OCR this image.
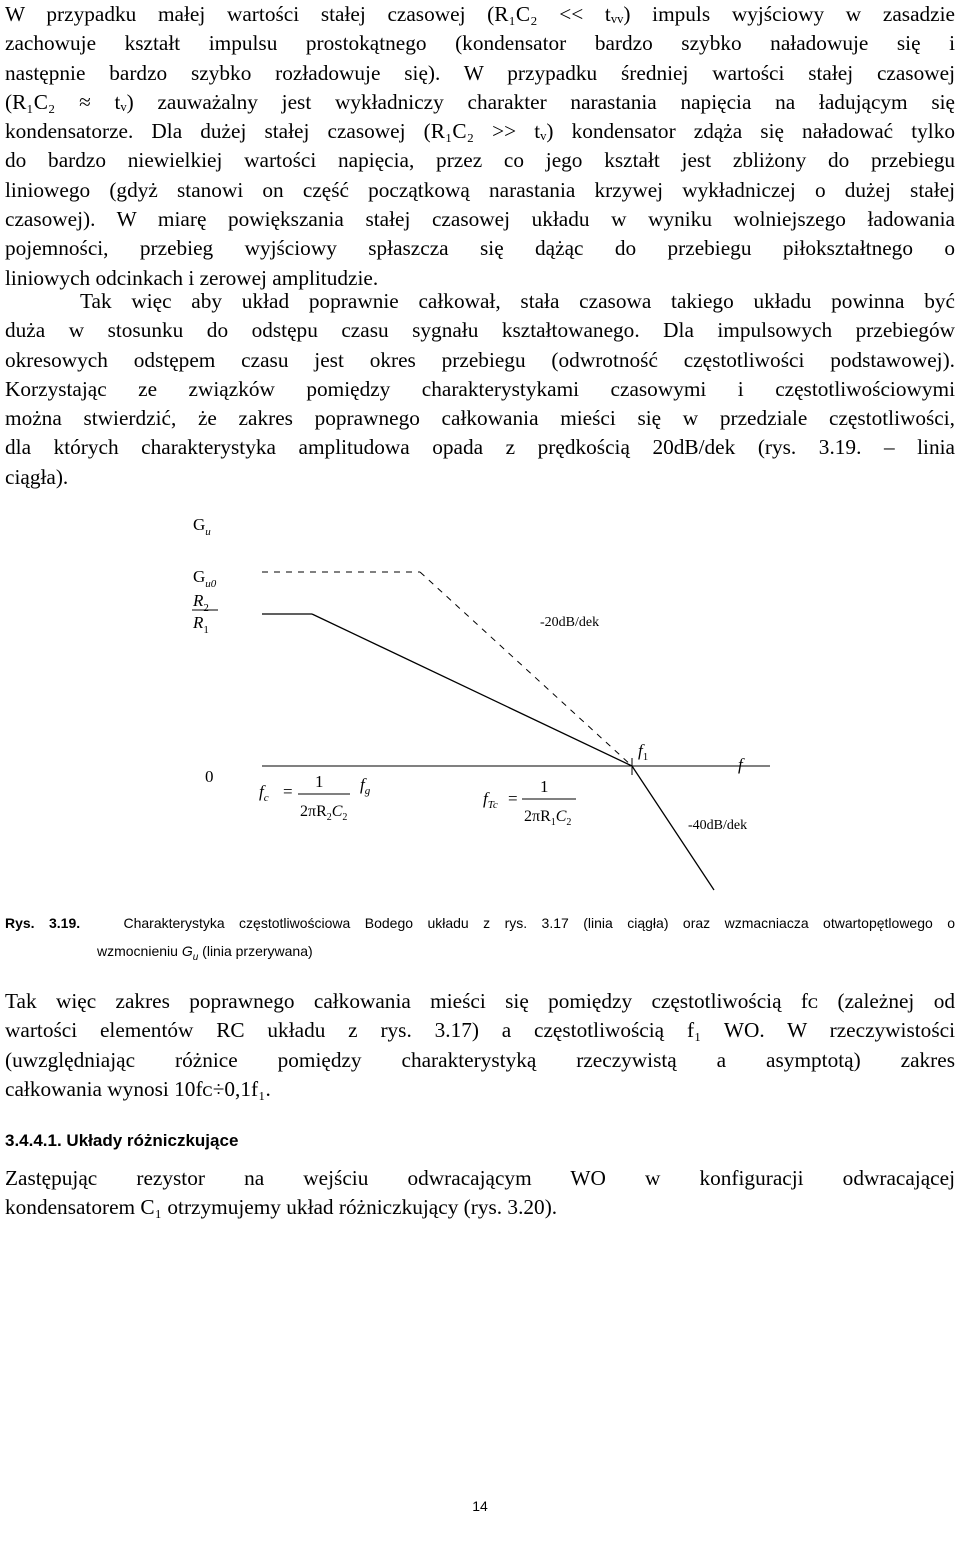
W przypadku małej wartości stałej czasowej (R₁C₂ << tᵥᵥ) impuls wyjściowy w zasadzie
zachowuje kształt impulsu prostokątnego (kondensator bardzo szybko naładowuje się i
następnie bardzo szybko rozładowuje się). W przypadku średniej wartości stałej czasowej
(R₁C₂ ≈ tᵥ) zauważalny jest wykładniczy charakter narastania napięcia na ładującym się
kondensatorze. Dla dużej stałej czasowej (R₁C₂ >> tᵥ) kondensator zdąża się naładować tylko
do bardzo niewielkiej wartości napięcia, przez co jego kształt jest zbliżony do przebiegu
liniowego (gdyż stanowi on część początkową narastania krzywej wykładniczej o dużej stałej
czasowej). W miarę powiększania stałej czasowej układu w wyniku wolniejszego ładowania
pojemności, przebieg wyjściowy spłaszcza się dążąc do przebiegu piłokształtnego o
liniowych odcinkach i zerowej amplitudzie.
Tak więc aby układ poprawnie całkował, stała czasowa takiego układu powinna być
duża w stosunku do odstępu czasu sygnału kształtowanego. Dla impulsowych przebiegów
okresowych odstępem czasu jest okres przebiegu (odwrotność częstotliwości podstawowej).
Korzystając ze związków pomiędzy charakterystykami czasowymi i częstotliwościowymi
można stwierdzić, że zakres poprawnego całkowania mieści się w przedziale częstotliwości,
dla których charakterystyka amplitudowa opada z prędkością 20dB/dek (rys. 3.19. – linia
ciągła).
$G_u$
$G_{u0}$
$R_2$
$R_1$	-20dB/dek
0
$f_1$	f
-40dB/dek
$f_c$ =
1
$2\pi R_2C_2$
$f_g$	$f_{Tc}$ =
1
$2\pi R_1C_2$
Rys. 3.19.	Charakterystyka częstotliwościowa Bodego układu z rys. 3.17 (linia ciągła) oraz wzmacniacza otwartopętlowego o
wzmocnieniu $G_u$ (linia przerywana)
Tak więc zakres poprawnego całkowania mieści się pomiędzy częstotliwością fᴄ (zależnej od
wartości elementów RC układu z rys. 3.17) a częstotliwością f₁ WO. W rzeczywistości
(uwzględniając różnice pomiędzy charakterystyką rzeczywistą a asymptotą) zakres
całkowania wynosi 10fᴄ÷0,1f₁.
3.4.4.1. Układy różniczkujące
Zastępując rezystor na wejściu odwracającym WO w konfiguracji odwracającej
kondensatorem C₁ otrzymujemy układ różniczkujący (rys. 3.20).
14
